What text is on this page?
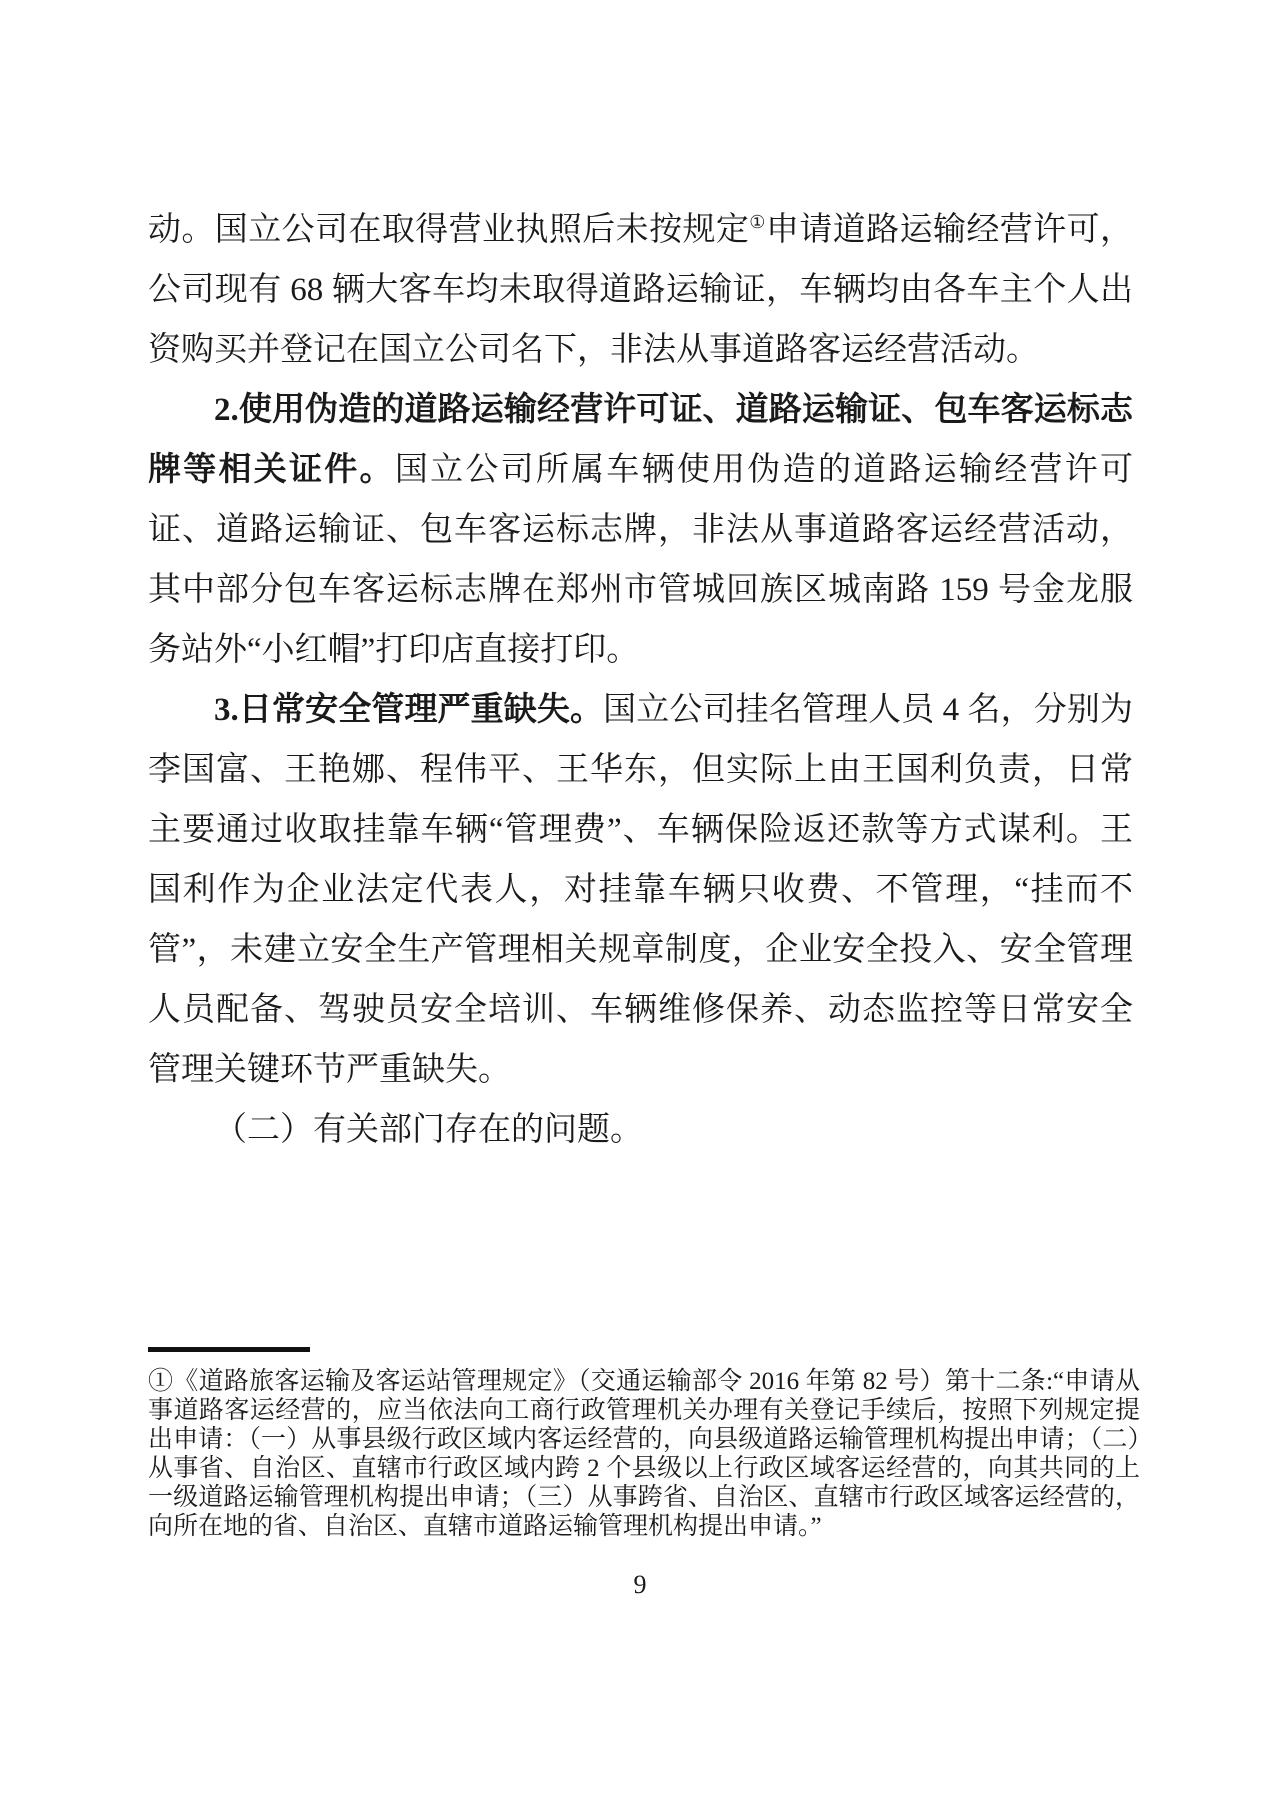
动。国立公司在取得营业执照后未按规定①申请道路运输经营许可，公司现有 68 辆大客车均未取得道路运输证，车辆均由各车主个人出资购买并登记在国立公司名下，非法从事道路客运经营活动。

2.使用伪造的道路运输经营许可证、道路运输证、包车客运标志牌等相关证件。国立公司所属车辆使用伪造的道路运输经营许可证、道路运输证、包车客运标志牌，非法从事道路客运经营活动，其中部分包车客运标志牌在郑州市管城回族区城南路 159 号金龙服务站外“小红帽”打印店直接打印。

3.日常安全管理严重缺失。国立公司挂名管理人员 4 名，分别为李国富、王艳娜、程伟平、王华东，但实际上由王国利负责，日常主要通过收取挂靠车辆“管理费”、车辆保险返还款等方式谋利。王国利作为企业法定代表人，对挂靠车辆只收费、不管理，“挂而不管”，未建立安全生产管理相关规章制度，企业安全投入、安全管理人员配备、驾驶员安全培训、车辆维修保养、动态监控等日常安全管理关键环节严重缺失。

（二）有关部门存在的问题。

①《道路旅客运输及客运站管理规定》（交通运输部令 2016 年第 82 号）第十二条:“申请从事道路客运经营的，应当依法向工商行政管理机关办理有关登记手续后，按照下列规定提出申请：（一）从事县级行政区域内客运经营的，向县级道路运输管理机构提出申请；（二）从事省、自治区、直辖市行政区域内跨 2 个县级以上行政区域客运经营的，向其共同的上一级道路运输管理机构提出申请；（三）从事跨省、自治区、直辖市行政区域客运经营的，向所在地的省、自治区、直辖市道路运输管理机构提出申请。”
9
